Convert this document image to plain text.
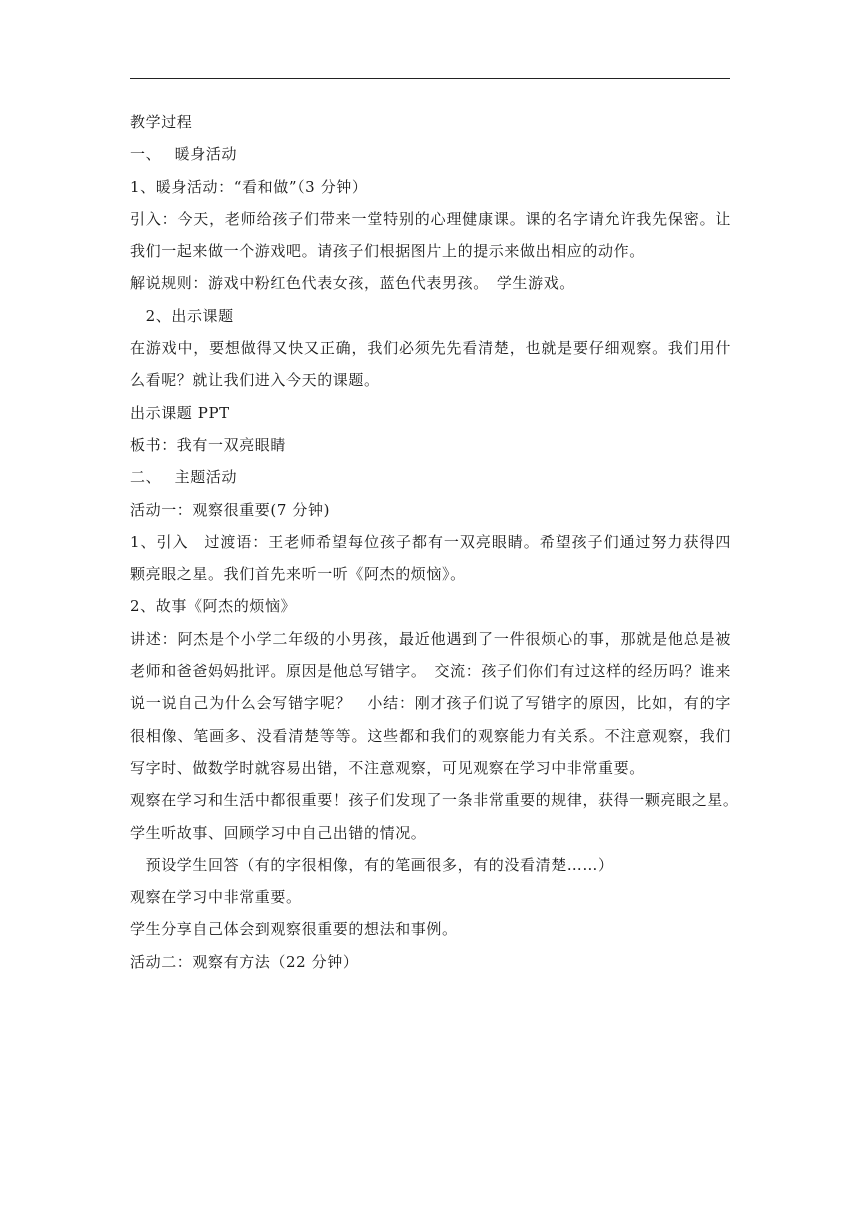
教学过程

一、　 暖身活动

1、暖身活动：“看和做”（3 分钟）

引入：今天，老师给孩子们带来一堂特别的心理健康课。课的名字请允许我先保密。让我们一起来做一个游戏吧。请孩子们根据图片上的提示来做出相应的动作。

解说规则：游戏中粉红色代表女孩，蓝色代表男孩。　学生游戏。

　2、出示课题

在游戏中，要想做得又快又正确，我们必须先先看清楚，也就是要仔细观察。我们用什么看呢？就让我们进入今天的课题。

出示课题 PPT

板书：我有一双亮眼睛

二、　 主题活动

活动一：观察很重要(7 分钟)

1、引入　过渡语：王老师希望每位孩子都有一双亮眼睛。希望孩子们通过努力获得四颗亮眼之星。我们首先来听一听《阿杰的烦恼》。

2、故事《阿杰的烦恼》

讲述：阿杰是个小学二年级的小男孩，最近他遇到了一件很烦心的事，那就是他总是被老师和爸爸妈妈批评。原因是他总写错字。　交流：孩子们你们有过这样的经历吗？谁来说一说自己为什么会写错字呢？　小结：刚才孩子们说了写错字的原因，比如，有的字很相像、笔画多、没看清楚等等。这些都和我们的观察能力有关系。不注意观察，我们写字时、做数学时就容易出错，不注意观察，可见观察在学习中非常重要。

观察在学习和生活中都很重要！孩子们发现了一条非常重要的规律，获得一颗亮眼之星。　学生听故事、回顾学习中自己出错的情况。

　预设学生回答（有的字很相像，有的笔画很多，有的没看清楚……）

观察在学习中非常重要。

学生分享自己体会到观察很重要的想法和事例。

活动二：观察有方法（22 分钟）
